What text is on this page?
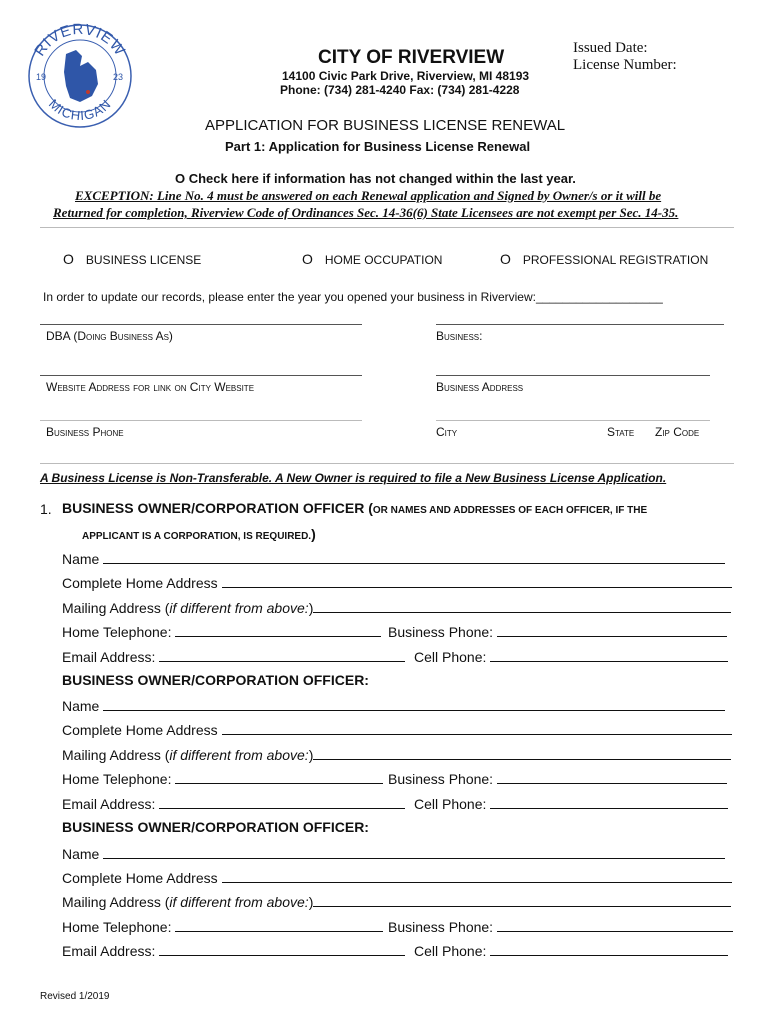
RIVERVIEW
MICHIGAN
19	23
CITY OF RIVERVIEW
14100 Civic Park Drive, Riverview, MI 48193
Phone: (734) 281-4240 Fax: (734) 281-4228
Issued Date:
License Number:
APPLICATION FOR BUSINESS LICENSE RENEWAL
Part 1: Application for Business License Renewal
O Check here if information has not changed within the last year.
EXCEPTION: Line No. 4 must be answered on each Renewal application and Signed by Owner/s or it will be
Returned for completion, Riverview Code of Ordinances Sec. 14-36(6) State Licensees are not exempt per Sec. 14-35.
O BUSINESS LICENSE	O HOME OCCUPATION	O PROFESSIONAL REGISTRATION
In order to update our records, please enter the year you opened your business in Riverview:___________________
DBA (Doing Business As)	Business:
Website Address for link on City Website	Business Address
Business Phone	City	State Zip Code
A Business License is Non-Transferable. A New Owner is required to file a New Business License Application.
1. BUSINESS OWNER/CORPORATION OFFICER (OR NAMES AND ADDRESSES OF EACH OFFICER, IF THE
APPLICANT IS A CORPORATION, IS REQUIRED.)
Name
Complete Home Address
Mailing Address (if different from above:)
Home Telephone:	Business Phone:
Email Address:	Cell Phone:
BUSINESS OWNER/CORPORATION OFFICER:
Name
Complete Home Address
Mailing Address (if different from above:)
Home Telephone:	Business Phone:
Email Address:	Cell Phone:
BUSINESS OWNER/CORPORATION OFFICER:
Name
Complete Home Address
Mailing Address (if different from above:)
Home Telephone:	Business Phone:
Email Address:	Cell Phone:
Revised 1/2019
